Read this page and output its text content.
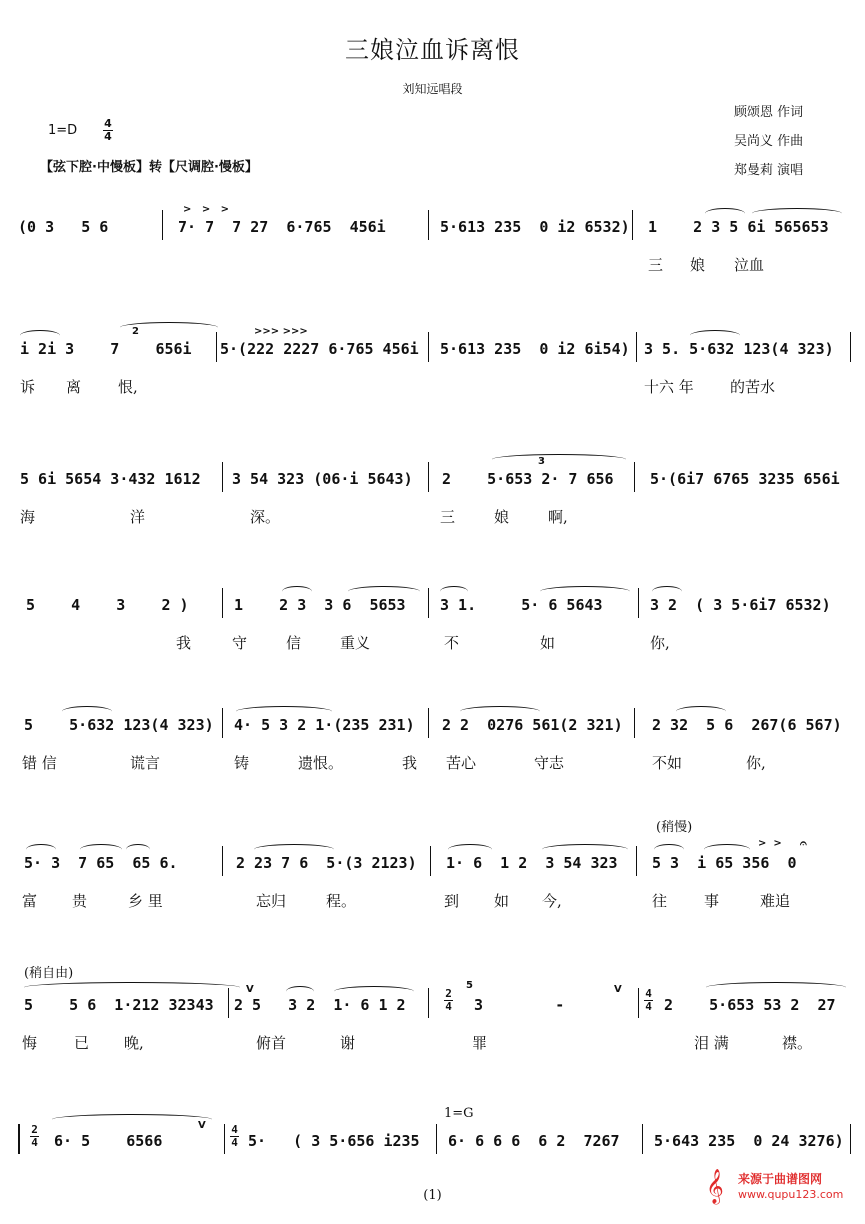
三娘泣血诉离恨
刘知远唱段
顾颂恩 作词
吴尚义 作曲
郑曼莉 演唱
1=D 4
4
【弦下腔·中慢板】转【尺调腔·慢板】
(0 3   5 6
>   >   >
7· 7  7 27  6·765  456i	5·613 235  0 i2 6532) 1    2 3 5 6i 565653
三 娘 泣血
2
i 2i 3    7    656i
>>> >>>
5·(222 2227 6·765 456i 5·613 235  0 i2 6i54) 3 5. 5·632 123(4 323)
诉 离 恨,	十六 年 的苦水
5 6i 5654 3·432 1612 3 54 323 (06·i 5643)
3
2    5·653 2· 7 656 5·(6i7 6765 3235 656i
海	洋	深。	三	娘	啊,
5    4    3    2 )	1    2 3  3 6  5653 3 1.     5· 6 5643	3 2  ( 3 5·6i7 6532)
我	守	信	重义	不	如	你,
5    5·632 123(4 323) 4· 5 3 2 1·(235 231) 2 2  0276 561(2 321) 2 32  5 6  267(6 567)
错 信	谎言	铸	遗恨。	我 苦心	守志	不如	你,
(稍慢)
5· 3  7 65  65 6.	2 23 7 6  5·(3 2123) 1· 6  1 2  3 54 323
>  > 𝄐
5 3  i 65 356  0
富 贵	乡 里	忘归	程。	到 如 今,	往 事	难追
(稍自由)
5    5 6  1·212 32343
V
2 5   3 2  1· 6 1 2
2
4
5
3        -
V 4
4 2    5·653 53 2  27
悔 已 晚,	俯首	谢	罪	泪 满	襟。
1=G
2
4 6· 5    6566
V 4
4 5·   ( 3 5·656 i235 6· 6 6 6  6 2  7267 5·643 235  0 24 3276)
(1)	𝄞	来源于曲谱图网
www.qupu123.com
